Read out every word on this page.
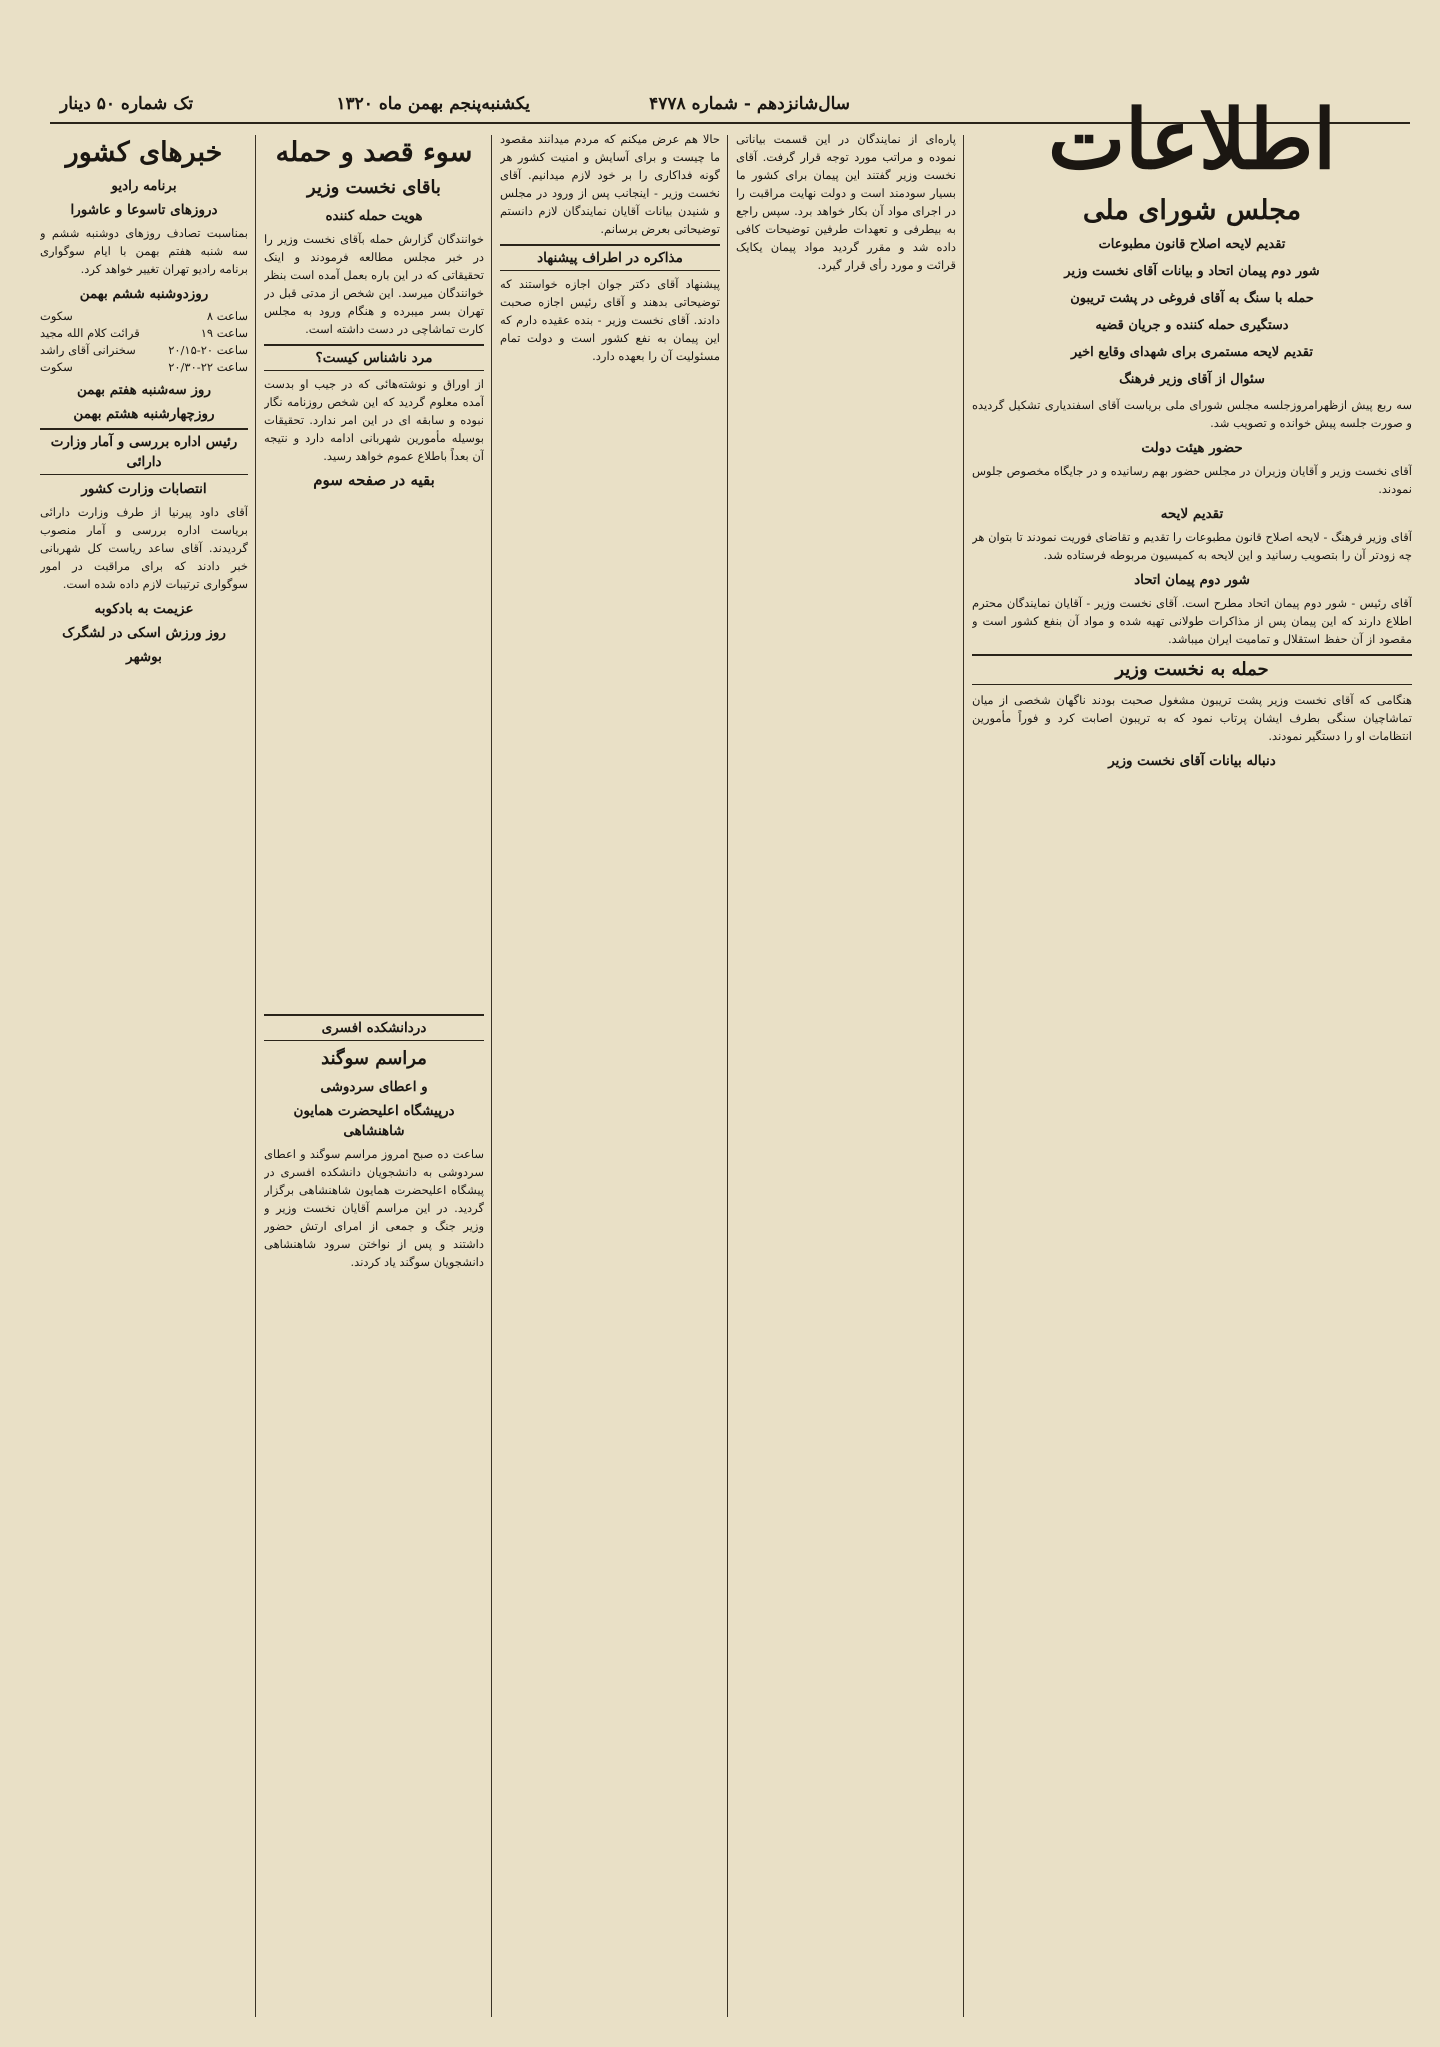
سال‌شانزدهم - شماره ۴۷۷۸
یکشنبه‌پنجم بهمن ماه ۱۳۲۰
تک شماره ۵۰ دینار	اطلاعات
مجلس شورای ملی
تقدیم لایحه اصلاح قانون مطبوعات
شور دوم پیمان اتحاد و بیانات آقای نخست وزیر
حمله با سنگ به آقای فروغی در پشت تریبون
دستگیری حمله کننده و جریان قضیه
تقدیم لایحه مستمری برای شهدای وقایع اخیر
سئوال از آقای وزیر فرهنگ

سه ربع پیش ازظهرامروزجلسه مجلس شورای ملی بریاست آقای اسفندیاری تشکیل گردیده و صورت جلسه پیش خوانده و تصویب شد.

حضور هیئت دولت

آقای نخست وزیر و آقایان وزیران در مجلس حضور بهم رسانیده و در جایگاه مخصوص جلوس نمودند.

تقدیم لایحه

آقای وزیر فرهنگ - لایحه اصلاح قانون مطبوعات را تقدیم و تقاضای فوریت نمودند تا بتوان هر چه زودتر آن را بتصویب رسانید و این لایحه به کمیسیون مربوطه فرستاده شد.

شور دوم پیمان اتحاد

آقای رئیس - شور دوم پیمان اتحاد مطرح است. آقای نخست وزیر - آقایان نمایندگان محترم اطلاع دارند که این پیمان پس از مذاکرات طولانی تهیه شده و مواد آن بنفع کشور است و مقصود از آن حفظ استقلال و تمامیت ایران میباشد.

حمله به نخست وزیر

هنگامی که آقای نخست وزیر پشت تریبون مشغول صحبت بودند ناگهان شخصی از میان تماشاچیان سنگی بطرف ایشان پرتاب نمود که به تریبون اصابت کرد و فوراً مأمورین انتظامات او را دستگیر نمودند.

دنباله بیانات آقای نخست وزیر

پاره‌ای از نمایندگان در این قسمت بیاناتی نموده و مراتب مورد توجه قرار گرفت. آقای نخست وزیر گفتند این پیمان برای کشور ما بسیار سودمند است و دولت نهایت مراقبت را در اجرای مواد آن بکار خواهد برد. سپس راجع به بیطرفی و تعهدات طرفین توضیحات کافی داده شد و مقرر گردید مواد پیمان یکایک قرائت و مورد رأی قرار گیرد.

حالا هم عرض میکنم که مردم میدانند مقصود ما چیست و برای آسایش و امنیت کشور هر گونه فداکاری را بر خود لازم میدانیم. آقای نخست وزیر - اینجانب پس از ورود در مجلس و شنیدن بیانات آقایان نمایندگان لازم دانستم توضیحاتی بعرض برسانم.

مذاکره در اطراف پیشنهاد

پیشنهاد آقای دکتر جوان اجازه خواستند که توضیحاتی بدهند و آقای رئیس اجازه صحبت دادند. آقای نخست وزیر - بنده عقیده دارم که این پیمان به نفع کشور است و دولت تمام مسئولیت آن را بعهده دارد.

سوء قصد و حمله
باقای نخست وزیر
هویت حمله کننده

خوانندگان گزارش حمله بآقای نخست وزیر را در خبر مجلس مطالعه فرمودند و اینک تحقیقاتی که در این باره بعمل آمده است بنظر خوانندگان میرسد. این شخص از مدتی قبل در تهران بسر میبرده و هنگام ورود به مجلس کارت تماشاچی در دست داشته است.

مرد ناشناس کیست؟

از اوراق و نوشته‌هائی که در جیب او بدست آمده معلوم گردید که این شخص روزنامه نگار نبوده و سابقه ای در این امر ندارد. تحقیقات بوسیله مأمورین شهربانی ادامه دارد و نتیجه آن بعداً باطلاع عموم خواهد رسید.

بقیه در صفحه سوم
خبرهای کشور
برنامه رادیو
دروزهای تاسوعا و عاشورا

بمناسبت تصادف روزهای دوشنبه ششم و سه شنبه هفتم بهمن با ایام سوگواری برنامه رادیو تهران تغییر خواهد کرد.

روزدوشنبه ششم بهمن
ساعت ۸
سکوت
ساعت ۱۹
قرائت کلام الله مجید
ساعت ۲۰-۲۰/۱۵
سخنرانی آقای راشد
ساعت ۲۲-۲۰/۳۰
سکوت
روز سه‌شنبه هفتم بهمن
روزچهارشنبه هشتم بهمن
رئیس اداره بررسی و آمار وزارت دارائی
انتصابات وزارت کشور

آقای داود پیرنیا از طرف وزارت دارائی بریاست اداره بررسی و آمار منصوب گردیدند. آقای ساعد ریاست کل شهربانی خبر دادند که برای مراقبت در امور سوگواری ترتیبات لازم داده شده است.

عزیمت به بادکوبه
روز ورزش اسکی در لشگرک
بوشهر
دردانشکده افسری
مراسم سوگند
و اعطای سردوشی
درپیشگاه اعلیحضرت همایون شاهنشاهی

ساعت ده صبح امروز مراسم سوگند و اعطای سردوشی به دانشجویان دانشکده افسری در پیشگاه اعلیحضرت همایون شاهنشاهی برگزار گردید. در این مراسم آقایان نخست وزیر و وزیر جنگ و جمعی از امرای ارتش حضور داشتند و پس از نواختن سرود شاهنشاهی دانشجویان سوگند یاد کردند.
